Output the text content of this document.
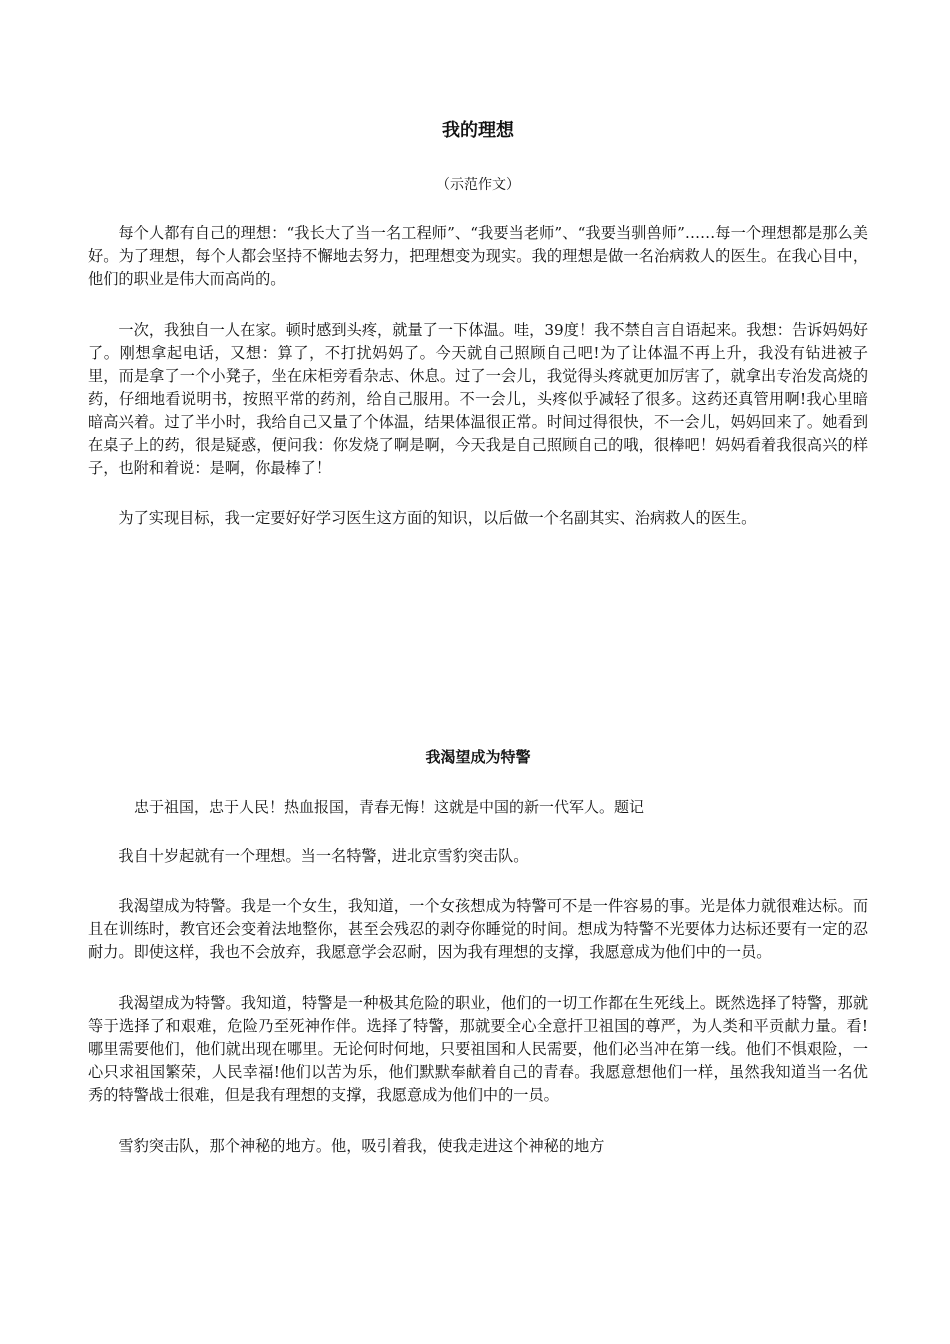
我的理想

（示范作文）

每个人都有自己的理想：“我长大了当一名工程师”、“我要当老师”、“我要当驯兽师”……每一个理想都是那么美好。为了理想，每个人都会坚持不懈地去努力，把理想变为现实。我的理想是做一名治病救人的医生。在我心目中，他们的职业是伟大而高尚的。

一次，我独自一人在家。顿时感到头疼，就量了一下体温。哇，39度！我不禁自言自语起来。我想：告诉妈妈好了。刚想拿起电话，又想：算了，不打扰妈妈了。今天就自己照顾自己吧!为了让体温不再上升，我没有钻进被子里，而是拿了一个小凳子，坐在床柜旁看杂志、休息。过了一会儿，我觉得头疼就更加厉害了，就拿出专治发高烧的药，仔细地看说明书，按照平常的药剂，给自己服用。不一会儿，头疼似乎减轻了很多。这药还真管用啊!我心里暗暗高兴着。过了半小时，我给自己又量了个体温，结果体温很正常。时间过得很快，不一会儿，妈妈回来了。她看到在桌子上的药，很是疑惑，便问我：你发烧了啊是啊，今天我是自己照顾自己的哦，很棒吧！妈妈看着我很高兴的样子，也附和着说：是啊，你最棒了！

为了实现目标，我一定要好好学习医生这方面的知识，以后做一个名副其实、治病救人的医生。

我渴望成为特警

忠于祖国，忠于人民！热血报国，青春无悔！这就是中国的新一代军人。题记

我自十岁起就有一个理想。当一名特警，进北京雪豹突击队。

我渴望成为特警。我是一个女生，我知道，一个女孩想成为特警可不是一件容易的事。光是体力就很难达标。而且在训练时，教官还会变着法地整你，甚至会残忍的剥夺你睡觉的时间。想成为特警不光要体力达标还要有一定的忍耐力。即使这样，我也不会放弃，我愿意学会忍耐，因为我有理想的支撑，我愿意成为他们中的一员。

我渴望成为特警。我知道，特警是一种极其危险的职业，他们的一切工作都在生死线上。既然选择了特警，那就等于选择了和艰难，危险乃至死神作伴。选择了特警，那就要全心全意扞卫祖国的尊严，为人类和平贡献力量。看!哪里需要他们，他们就出现在哪里。无论何时何地，只要祖国和人民需要，他们必当冲在第一线。他们不惧艰险，一心只求祖国繁荣，人民幸福!他们以苦为乐，他们默默奉献着自己的青春。我愿意想他们一样，虽然我知道当一名优秀的特警战士很难，但是我有理想的支撑，我愿意成为他们中的一员。

雪豹突击队，那个神秘的地方。他，吸引着我，使我走进这个神秘的地方
